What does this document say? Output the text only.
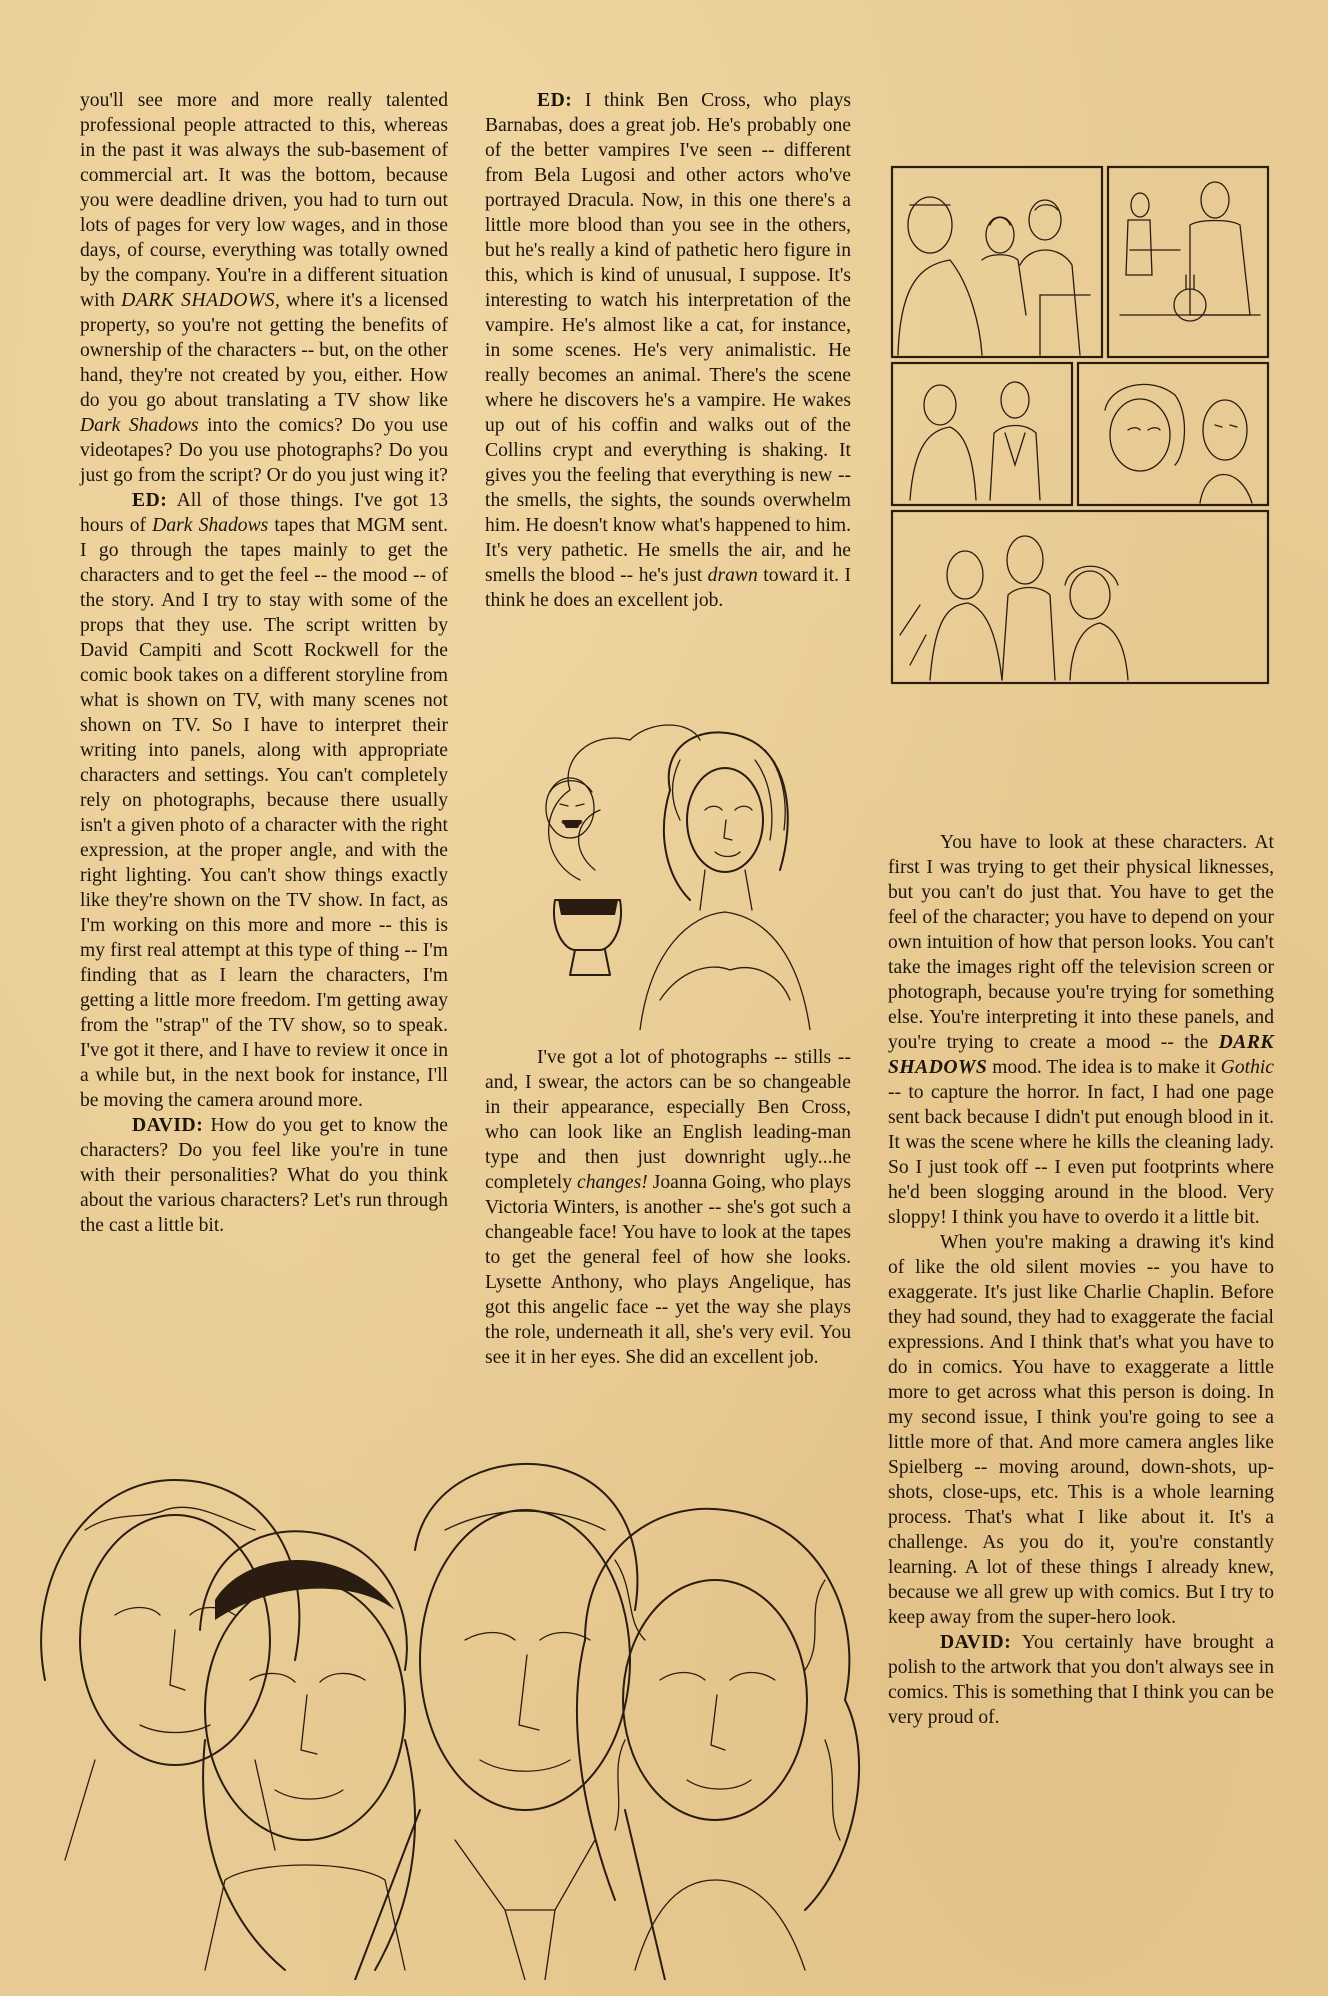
you'll see more and more really talented professional people attracted to this, whereas in the past it was always the sub-basement of commercial art. It was the bottom, because you were deadline driven, you had to turn out lots of pages for very low wages, and in those days, of course, everything was totally owned by the company. You're in a different situation with DARK SHADOWS, where it's a licensed property, so you're not getting the benefits of ownership of the characters -- but, on the other hand, they're not created by you, either. How do you go about translating a TV show like Dark Shadows into the comics? Do you use videotapes? Do you use photographs? Do you just go from the script? Or do you just wing it?

ED: All of those things. I've got 13 hours of Dark Shadows tapes that MGM sent. I go through the tapes mainly to get the characters and to get the feel -- the mood -- of the story. And I try to stay with some of the props that they use. The script written by David Campiti and Scott Rockwell for the comic book takes on a different storyline from what is shown on TV, with many scenes not shown on TV. So I have to interpret their writing into panels, along with appropriate characters and settings. You can't completely rely on photographs, because there usually isn't a given photo of a character with the right expression, at the proper angle, and with the right lighting. You can't show things exactly like they're shown on the TV show. In fact, as I'm working on this more and more -- this is my first real attempt at this type of thing -- I'm finding that as I learn the characters, I'm getting a little more freedom. I'm getting away from the "strap" of the TV show, so to speak. I've got it there, and I have to review it once in a while but, in the next book for instance, I'll be moving the camera around more.

DAVID: How do you get to know the characters? Do you feel like you're in tune with their personalities? What do you think about the various characters? Let's run through the cast a little bit.

ED: I think Ben Cross, who plays Barnabas, does a great job. He's probably one of the better vampires I've seen -- different from Bela Lugosi and other actors who've portrayed Dracula. Now, in this one there's a little more blood than you see in the others, but he's really a kind of pathetic hero figure in this, which is kind of unusual, I suppose. It's interesting to watch his interpretation of the vampire. He's almost like a cat, for instance, in some scenes. He's very animalistic. He really becomes an animal. There's the scene where he discovers he's a vampire. He wakes up out of his coffin and walks out of the Collins crypt and everything is shaking. It gives you the feeling that everything is new -- the smells, the sights, the sounds overwhelm him. He doesn't know what's happened to him. It's very pathetic. He smells the air, and he smells the blood -- he's just drawn toward it. I think he does an excellent job.

I've got a lot of photographs -- stills -- and, I swear, the actors can be so changeable in their appearance, especially Ben Cross, who can look like an English leading-man type and then just downright ugly...he completely changes! Joanna Going, who plays Victoria Winters, is another -- she's got such a changeable face! You have to look at the tapes to get the general feel of how she looks. Lysette Anthony, who plays Angelique, has got this angelic face -- yet the way she plays the role, underneath it all, she's very evil. You see it in her eyes. She did an excellent job.

You have to look at these characters. At first I was trying to get their physical liknesses, but you can't do just that. You have to get the feel of the character; you have to depend on your own intuition of how that person looks. You can't take the images right off the television screen or photograph, because you're trying for something else. You're interpreting it into these panels, and you're trying to create a mood -- the DARK SHADOWS mood. The idea is to make it Gothic -- to capture the horror. In fact, I had one page sent back because I didn't put enough blood in it. It was the scene where he kills the cleaning lady. So I just took off -- I even put footprints where he'd been slogging around in the blood. Very sloppy! I think you have to overdo it a little bit.

When you're making a drawing it's kind of like the old silent movies -- you have to exaggerate. It's just like Charlie Chaplin. Before they had sound, they had to exaggerate the facial expressions. And I think that's what you have to do in comics. You have to exaggerate a little more to get across what this person is doing. In my second issue, I think you're going to see a little more of that. And more camera angles like Spielberg -- moving around, down-shots, up-shots, close-ups, etc. This is a whole learning process. That's what I like about it. It's a challenge. As you do it, you're constantly learning. A lot of these things I already knew, because we all grew up with comics. But I try to keep away from the super-hero look.

DAVID: You certainly have brought a polish to the artwork that you don't always see in comics. This is something that I think you can be very proud of.
